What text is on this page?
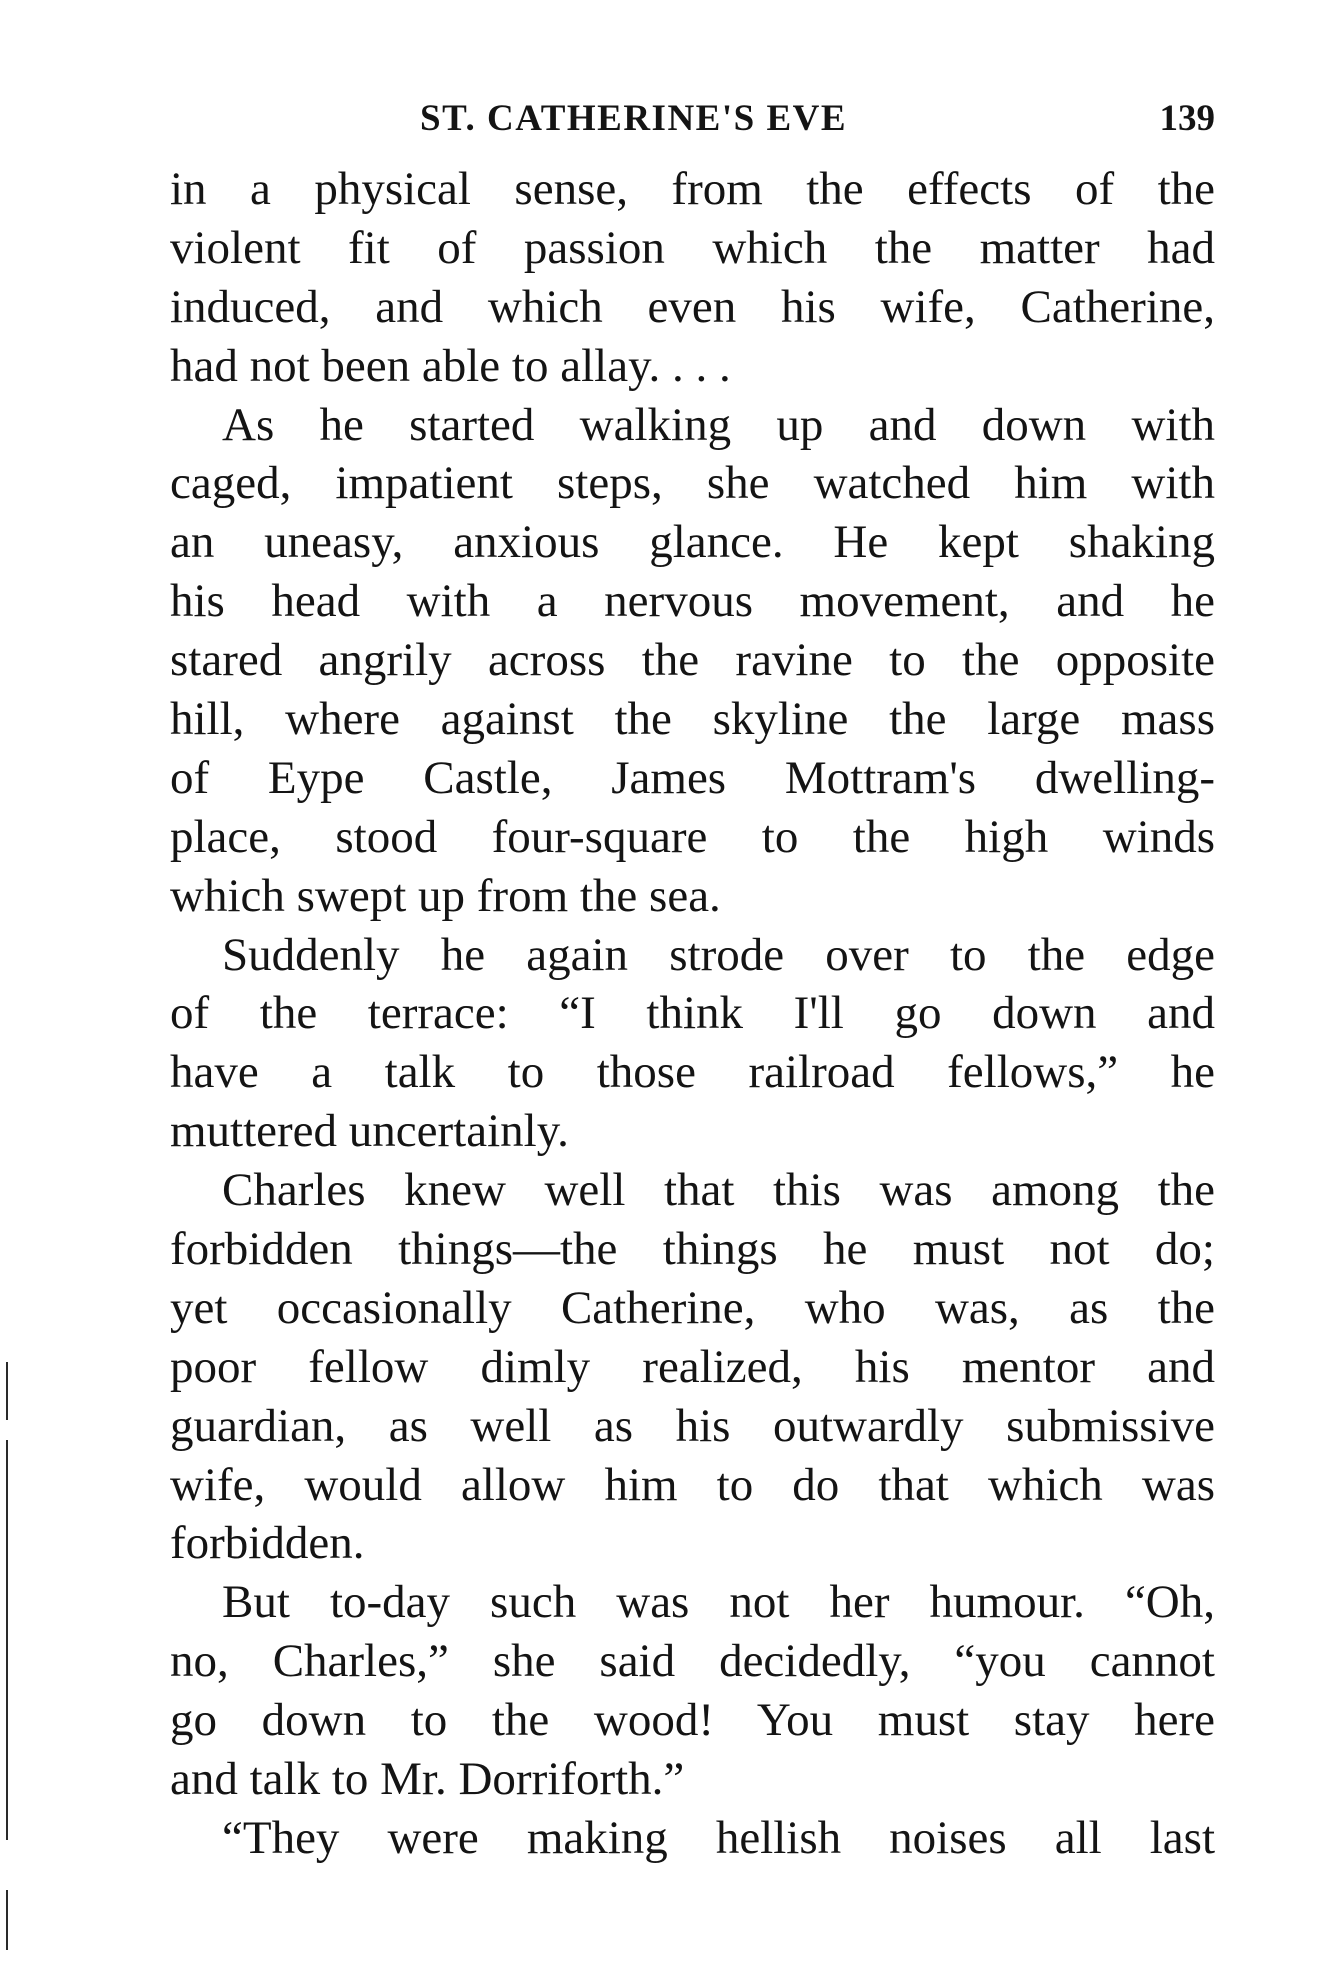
ST. CATHERINE'S EVE	139
in a physical sense, from the effects of the
violent fit of passion which the matter had
induced, and which even his wife, Catherine,
had not been able to allay. . . .
As he started walking up and down with
caged, impatient steps, she watched him with
an uneasy, anxious glance. He kept shaking
his head with a nervous movement, and he
stared angrily across the ravine to the opposite
hill, where against the skyline the large mass
of Eype Castle, James Mottram's dwelling-
place, stood four-square to the high winds
which swept up from the sea.
Suddenly he again strode over to the edge
of the terrace: “I think I'll go down and
have a talk to those railroad fellows,” he
muttered uncertainly.
Charles knew well that this was among the
forbidden things—the things he must not do;
yet occasionally Catherine, who was, as the
poor fellow dimly realized, his mentor and
guardian, as well as his outwardly submissive
wife, would allow him to do that which was
forbidden.
But to-day such was not her humour. “Oh,
no, Charles,” she said decidedly, “you cannot
go down to the wood! You must stay here
and talk to Mr. Dorriforth.”
“They were making hellish noises all last
